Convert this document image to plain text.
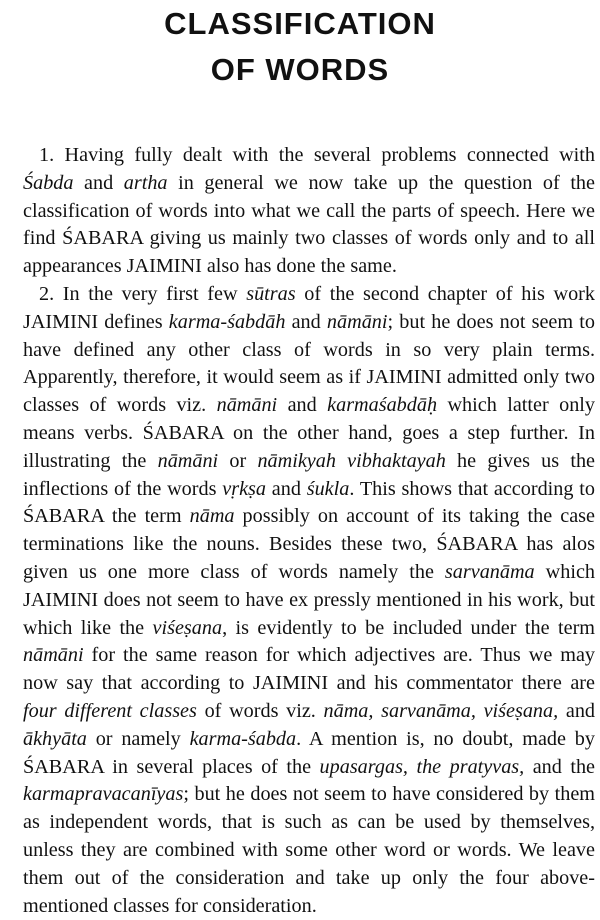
CLASSIFICATION
OF WORDS

1. Having fully dealt with the several problems connected with Śabda and artha in general we now take up the question of the classification of words into what we call the parts of speech. Here we find ŚABARA giving us mainly two classes of words only and to all appearances JAIMINI also has done the same.

2. In the very first few sūtras of the second chapter of his work JAIMINI defines karma-śabdāh and nāmāni; but he does not seem to have defined any other class of words in so very plain terms. Apparently, therefore, it would seem as if JAIMINI admitted only two classes of words viz. nāmāni and karmaśabdāḥ which latter only means verbs. ŚABARA on the other hand, goes a step further. In illustrating the nāmāni or nāmikyah vibhaktayah he gives us the inflections of the words vṛkṣa and śukla. This shows that according to ŚABARA the term nāma possibly on account of its taking the case terminations like the nouns. Besides these two, ŚABARA has alos given us one more class of words namely the sarvanāma which JAIMINI does not seem to have ex pressly mentioned in his work, but which like the viśeṣana, is evidently to be included under the term nāmāni for the same reason for which adjectives are. Thus we may now say that according to JAIMINI and his commentator there are four different classes of words viz. nāma, sarvanāma, viśeṣana, and ākhyāta or namely karma-śabda. A mention is, no doubt, made by ŚABARA in several places of the upasargas, the pratyvas, and the karmapravacanīyas; but he does not seem to have considered by them as independent words, that is such as can be used by themselves, unless they are combined with some other word or words. We leave them out of the consideration and take up only the four above-mentioned classes for consideration.
